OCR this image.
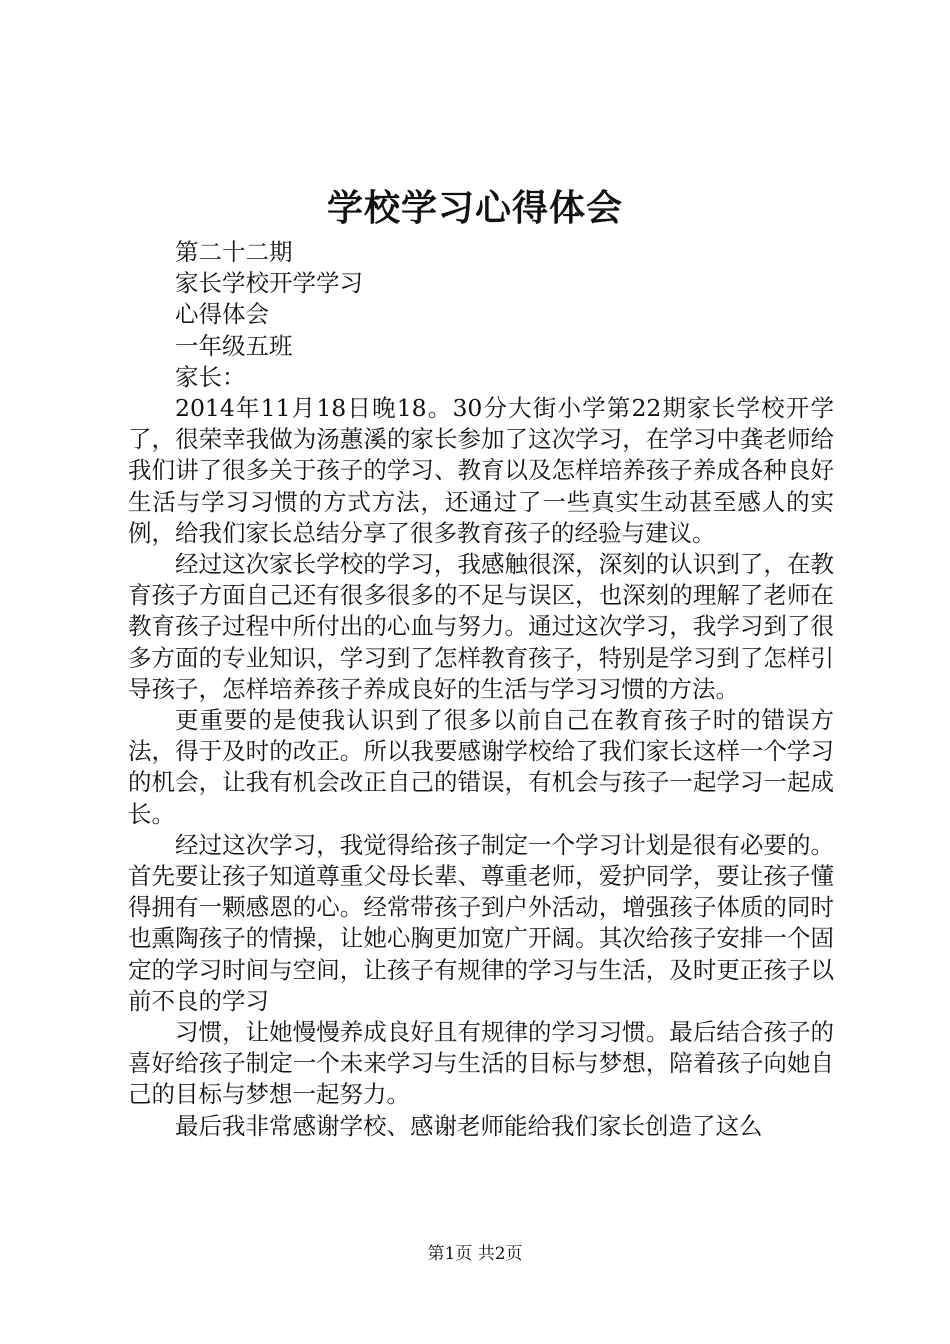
学校学习心得体会

第二十二期

家长学校开学学习

心得体会

一年级五班

家长：

2014年11月18日晚18。30分大街小学第22期家长学校开学了，很荣幸我做为汤蕙溪的家长参加了这次学习，在学习中龚老师给我们讲了很多关于孩子的学习、教育以及怎样培养孩子养成各种良好生活与学习习惯的方式方法，还通过了一些真实生动甚至感人的实例，给我们家长总结分享了很多教育孩子的经验与建议。

经过这次家长学校的学习，我感触很深，深刻的认识到了，在教育孩子方面自己还有很多很多的不足与误区，也深刻的理解了老师在教育孩子过程中所付出的心血与努力。通过这次学习，我学习到了很多方面的专业知识，学习到了怎样教育孩子，特别是学习到了怎样引导孩子，怎样培养孩子养成良好的生活与学习习惯的方法。

更重要的是使我认识到了很多以前自己在教育孩子时的错误方法，得于及时的改正。所以我要感谢学校给了我们家长这样一个学习的机会，让我有机会改正自己的错误，有机会与孩子一起学习一起成长。

经过这次学习，我觉得给孩子制定一个学习计划是很有必要的。首先要让孩子知道尊重父母长辈、尊重老师，爱护同学，要让孩子懂得拥有一颗感恩的心。经常带孩子到户外活动，增强孩子体质的同时也熏陶孩子的情操，让她心胸更加宽广开阔。其次给孩子安排一个固定的学习时间与空间，让孩子有规律的学习与生活，及时更正孩子以前不良的学习

习惯，让她慢慢养成良好且有规律的学习习惯。最后结合孩子的喜好给孩子制定一个未来学习与生活的目标与梦想，陪着孩子向她自己的目标与梦想一起努力。

最后我非常感谢学校、感谢老师能给我们家长创造了这么

第1页 共2页
